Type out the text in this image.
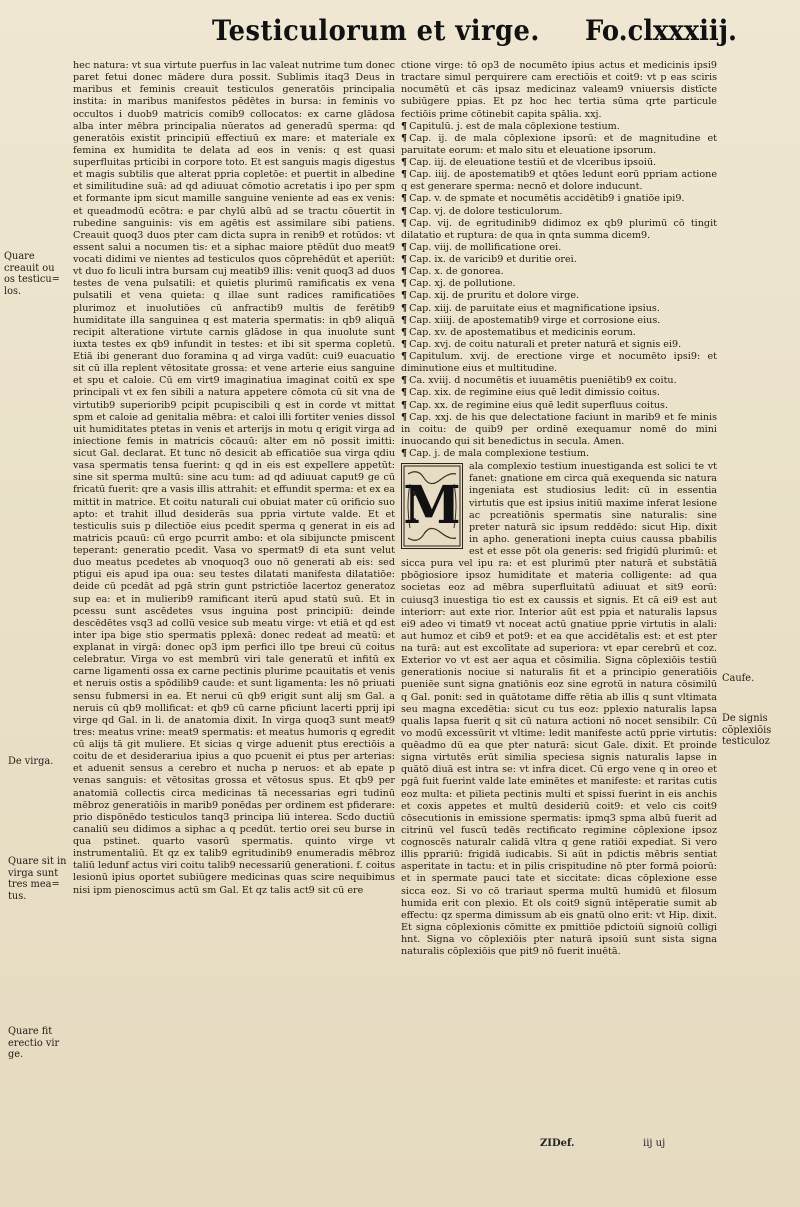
Testiculorum et virge. Fo.clxxxiij.

hec natura: vt sua virtute puerfus in lac valeat nutrime tum donec paret fetui donec mādere dura possit. Sublimis itaq3 Deus in maribus et feminis creauit testiculos generatōis principalia instita: in maribus manifestos pēdētes in bursa: in feminis vo occultos i duob9 matricis comib9 collocatos: ex carne glādosa alba inter mēbra principalia nūeratos ad generadū sperma: qd generatōis existit principiū effectiuū ex mare: et materiale ex femina ex humidita te delata ad eos in venis: q est quasi superfluitas prticibi in corpore toto. Et est sanguis magis digestus et magis subtilis que alterat ppria copletōe: et puertit in albedine et similitudine suā: ad qd adiuuat cōmotio acretatis i ipo per spm et formante ipm sicut mamille sanguine veniente ad eas ex venis: et queadmodū ecōtra: e par chylū albū ad se tractu cōuertit in rubedine sanguinis: vis em agētis est assimilare sibi patiens. Creauit quoq3 duos pter cam dicta supra in renib9 et rotūdos: vt essent salui a nocumen tis: et a siphac maiore ptēdūt duo meat9 vocati didimi ve nientes ad testiculos quos cōprehēdūt et aperiūt: vt duo fo liculi intra bursam cuj meatib9 illis: venit quoq3 ad duos testes de vena pulsatili: et quietis plurimū ramificatis ex vena pulsatili et vena quieta: q illae sunt radices ramificatiōes plurimoz et inuolutiōes cū anfractib9 multis de ferētib9 humiditate illa sanguinea q est materia spermatis: in qb9 aliquā recipit alteratione virtute carnis glādose in qua inuolute sunt iuxta testes ex qb9 infundit in testes: et ibi sit sperma copletū. Etiā ibi generant duo foramina q ad virga vadūt: cui9 euacuatio sit cū illa replent vētositate grossa: et vene arterie eius sanguine et spu et caloie. Cū em virt9 imaginatiua imaginat coitū ex spe principali vt ex fen sibili a natura appetere cōmota cū sit vna de virtutib9 superiorib9 pcipit pcupiscibili q est in corde vt mittat spm et caloie ad genitalia mēbra: et caloi illi fortiter venies dissol uit humiditates ptetas in venis et arterijs in motu q erigit virga ad iniectione femis in matricis cōcauū: alter em nō possit imitti: sicut Gal. declarat. Et tunc nō desicit ab efficatiōe sua virga qdiu vasa spermatis tensa fuerint: q qd in eis est expellere appetūt: sine sit sperma multū: sine acu tum: ad qd adiuuat caput9 ge cū fricatū fuerit: qre a vasis illis attrahit: et effundit sperma: et ex ea mittit in matrice. Et coitu naturali cui obuiat mater cū orificio suo apto: et trahit illud desiderās sua ppria virtute valde. Et et testiculis suis p dilectiōe eius pcedit sperma q generat in eis ad matricis pcauū: cū ergo pcurrit ambo: et ola sibijuncte pmiscent teperant: generatio pcedit. Vasa vo spermat9 di eta sunt velut duo meatus pcedetes ab vnoquoq3 ouo nō generati ab eis: sed ptigui eis apud ipa oua: seu testes dilatati manifesta dilatatiōe: deide cū pcedāt ad pgā strin gunt pstrictiōe lacertoz generatoz sup ea: et in mulierib9 ramificant iterū apud statū suū. Et in pcessu sunt ascēdetes vsus inguina post principiū: deinde descēdētes vsq3 ad collū vesice sub meatu virge: vt etiā et qd est inter ipa bige stio spermatis pplexā: donec redeat ad meatū: et explanat in virgā: donec op3 ipm perfici illo tpe breui cū coitus celebratur. Virga vo est membrū viri tale generatū et infitū ex carne ligamenti ossa ex carne pectinis plurime pcauitatis et venis et neruis ostis a spōdilib9 caude: et sunt ligamenta: les nō priuati sensu fubmersi in ea. Et nerui cū qb9 erigit sunt alij sm Gal. a neruis cū qb9 mollificat: et qb9 cū carne pficiunt lacerti pprij ipi virge qd Gal. in li. de anatomia dixit. In virga quoq3 sunt meat9 tres: meatus vrine: meat9 spermatis: et meatus humoris q egredit cū alijs tā git muliere. Et sicias q virge aduenit ptus erectiōis a coitu de et desiderariua ipius a quo pcuenit ei ptus per arterias: et aduenit sensus a cerebro et nucha p neruos: et ab epate p venas sanguis: et vētositas grossa et vētosus spus. Et qb9 per anatomiā collectis circa medicinas tā necessarias egri tudinū mēbroz generatiōis in marib9 ponēdas per ordinem est pfiderare: prio dispōnēdo testiculos tanq3 principa liū interea. Scdo ductiū canaliū seu didimos a siphac a q pcedūt. tertio orei seu burse in qua pstinet. quarto vasorū spermatis. quinto virge vt instrumentaliū. Et qz ex talib9 egritudinib9 enumeradis mēbroz taliū ledunf actus viri coitu talib9 necessariū generationi. f. coitus lesionū ipius oportet subiūgere medicinas quas scire nequibimus nisi ipm pienoscimus actū sm Gal. Et qz talis act9 sit cū ere

ctione virge: tō op3 de nocumēto ipius actus et medicinis ipsi9 tractare simul perquirere cam erectiōis et coit9: vt p eas sciris nocumētū et cās ipsaz medicinaz valeam9 vniuersis distīcte subiūgere ppias. Et pz hoc hec tertia sūma qrte particule fectiōis prime cōtinebit capita spālia. xxj.

¶ Capitulū. j. est de mala cōplexione testium.

¶ Cap. ij. de mala cōplexione ipsorū: et de magnitudine et paruitate eorum: et malo situ et eleuatione ipsorum.

¶ Cap. iij. de eleuatione testiū et de vlceribus ipsoiū.

¶ Cap. iiij. de apostematib9 et qtōes ledunt eorū ppriam actione q est generare sperma: necnō et dolore inducunt.

¶ Cap. v. de spmate et nocumētis accidētib9 i gnatiōe ipi9.

¶ Cap. vj. de dolore testiculorum.

¶ Cap. vij. de egritudinib9 didimoz ex qb9 plurimū cō tingit dilatatio et ruptura: de qua in qnta summa dicem9.

¶ Cap. viij. de mollificatione orei.

¶ Cap. ix. de varicib9 et duritie orei.

¶ Cap. x. de gonorea.

¶ Cap. xj. de pollutione.

¶ Cap. xij. de pruritu et dolore virge.

¶ Cap. xiij. de paruitate eius et magnificatione ipsius.

¶ Cap. xiiij. de apostematib9 virge et corrosione eius.

¶ Cap. xv. de apostematibus et medicinis eorum.

¶ Cap. xvj. de coitu naturali et preter naturā et signis ei9.

¶ Capitulum. xvij. de erectione virge et nocumēto ipsi9: et diminutione eius et multitudine.

¶ Ca. xviij. d nocumētis et iuuamētis pueniētib9 ex coitu.

¶ Cap. xix. de regimine eius quē ledit dimissio coitus.

¶ Cap. xx. de regimine eius quē ledit superfluus coitus.

¶ Cap. xxj. de his que delectatione faciunt in marib9 et fe minis in coitu: de quib9 per ordinē exequamur nomē do mini inuocando qui sit benedictus in secula. Amen.

¶ Cap. j. de mala complexione testium.

M

ala complexio testium inuestiganda est solici te vt fanet: gnatione em circa quā exequenda sic natura ingeniata est studiosius ledit: cū in essentia virtutis que est ipsius initiū maxime inferat lesione ac pcreatiōnis spermatis sine naturalis: sine preter naturā sic ipsum reddēdo: sicut Hip. dixit in apho. generationi inepta cuius caussa pbabilis est et esse pōt ola generis: sed frigidū plurimū: et sicca pura vel ipu ra: et est plurimū pter naturā et substātiā pbōgiosiore ipsoz humiditate et materia colligente: ad qua societas eoz ad mēbra superfluitatū adiuuat et sit9 eorū: cuiusq3 inuestiga tio est ex caussis et signis. Et cā ei9 est aut interiorr: aut exte rior. Interior aūt est ppia et naturalis lapsus ei9 adeo vi timat9 vt noceat actū gnatiue pprie virtutis in alali: aut humoz et cib9 et pot9: et ea que accidētalis est: et est pter na turā: aut est excolītate ad superiora: vt epar cerebrū et coz. Exterior vo vt est aer aqua et cōsimilia. Signa cōplexiōis testiū generationis nociue si naturalis fit et a principio generatiōis pueniēe sunt signa gnatiōnis eoz sine egrotū in natura cōsimilū q Gal. ponit: sed in quātotame diffe rētia ab illis q sunt vltimata seu magna excedētia: sicut cu tus eoz: pplexio naturalis lapsa qualis lapsa fuerit q sit cū natura actioni nō nocet sensibilr. Cū vo modū excessūrit vt vltime: ledit manifeste actū pprie virtutis: quēadmo dū ea que pter naturā: sicut Gale. dixit. Et proinde signa virtutēs erūt similia speciesa signis naturalis lapse in quātō diuā est intra se: vt infra dicet. Cū ergo vene q in oreo et pgā fuit fuerint valde late eminētes et manifeste: et raritas cutis eoz multa: et pilieta pectinis multi et spissi fuerint in eis anchis et coxis appetes et multū desideriū coit9: et velo cis coit9 cōsecutionis in emissione spermatis: ipmq3 spma albū fuerit ad citrinū vel fuscū tedēs rectificato regimine cōplexione ipsoz cognoscēs naturalr calidā vltra q gene ratiōi expediat. Si vero illis pprariū: frigidā iudicabis. Si aūt in pdictis mēbris sentiat asperitate in tactu: et in pilis crispitudine nō pter formā poiorū: et in spermate pauci tate et siccitate: dicas cōplexione esse sicca eoz. Si vo cō trariaut sperma multū humidū et filosum humida erit con plexio. Et ols coit9 signū intēperatie sumit ab effectu: qz sperma dimissum ab eis gnatū olno erit: vt Hip. dixit. Et signa cōplexionis cōmitte ex pmittiōe pdictoiū signoiū colligi hnt. Signa vo cōplexiōis pter naturā ipsoiū sunt sista signa naturalis cōplexiōis que pit9 nō fuerit inuētā.

Quare creauit ou os testicu= los.
De virga.
Quare sit in virga sunt tres mea= tus.
Quare fit erectio vir ge.
Caufe.
De signis cõplexiõis testiculoz
ZIDef.	iij uj
